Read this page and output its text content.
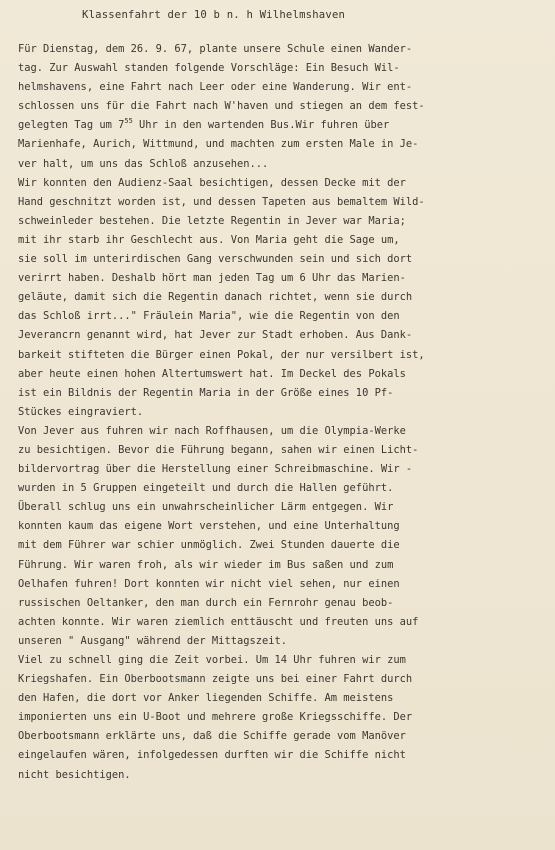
Klassenfahrt der 10 b n. h Wilhelmshaven
Für Dienstag, dem 26. 9. 67, plante unsere Schule einen Wander-
tag. Zur Auswahl standen folgende Vorschläge: Ein Besuch Wil-
helmshavens, eine Fahrt nach Leer oder eine Wanderung. Wir ent-
schlossen uns für die Fahrt nach W'haven und stiegen an dem fest-
gelegten Tag um $7^{55}$ Uhr in den wartenden Bus.Wir fuhren über
Marienhafe, Aurich, Wittmund, und machten zum ersten Male in Je-
ver halt, um uns das Schloß anzusehen...
Wir konnten den Audienz-Saal besichtigen, dessen Decke mit der
Hand geschnitzt worden ist, und dessen Tapeten aus bemaltem Wild-
schweinleder bestehen. Die letzte Regentin in Jever war Maria;
mit ihr starb ihr Geschlecht aus. Von Maria geht die Sage um,
sie soll im unterirdischen Gang verschwunden sein und sich dort
verirrt haben. Deshalb hört man jeden Tag um 6 Uhr das Marien-
geläute, damit sich die Regentin danach richtet, wenn sie durch
das Schloß irrt..." Fräulein Maria", wie die Regentin von den
Jeverancrn genannt wird, hat Jever zur Stadt erhoben. Aus Dank-
barkeit stifteten die Bürger einen Pokal, der nur versilbert ist,
aber heute einen hohen Altertumswert hat. Im Deckel des Pokals
ist ein Bildnis der Regentin Maria in der Größe eines 10 Pf-
Stückes eingraviert.
Von Jever aus fuhren wir nach Roffhausen, um die Olympia-Werke
zu besichtigen. Bevor die Führung begann, sahen wir einen Licht-
bildervortrag über die Herstellung einer Schreibmaschine. Wir -
wurden in 5 Gruppen eingeteilt und durch die Hallen geführt.
Überall schlug uns ein unwahrscheinlicher Lärm entgegen. Wir
konnten kaum das eigene Wort verstehen, und eine Unterhaltung
mit dem Führer war schier unmöglich. Zwei Stunden dauerte die
Führung. Wir waren froh, als wir wieder im Bus saßen und zum
Oelhafen fuhren! Dort konnten wir nicht viel sehen, nur einen
russischen Oeltanker, den man durch ein Fernrohr genau beob-
achten konnte. Wir waren ziemlich enttäuscht und freuten uns auf
unseren " Ausgang" während der Mittagszeit.
Viel zu schnell ging die Zeit vorbei. Um 14 Uhr fuhren wir zum
Kriegshafen. Ein Oberbootsmann zeigte uns bei einer Fahrt durch
den Hafen, die dort vor Anker liegenden Schiffe. Am meistens
imponierten uns ein U-Boot und mehrere große Kriegsschiffe. Der
Oberbootsmann erklärte uns, daß die Schiffe gerade vom Manöver
eingelaufen wären, infolgedessen durften wir die Schiffe nicht
nicht besichtigen.
